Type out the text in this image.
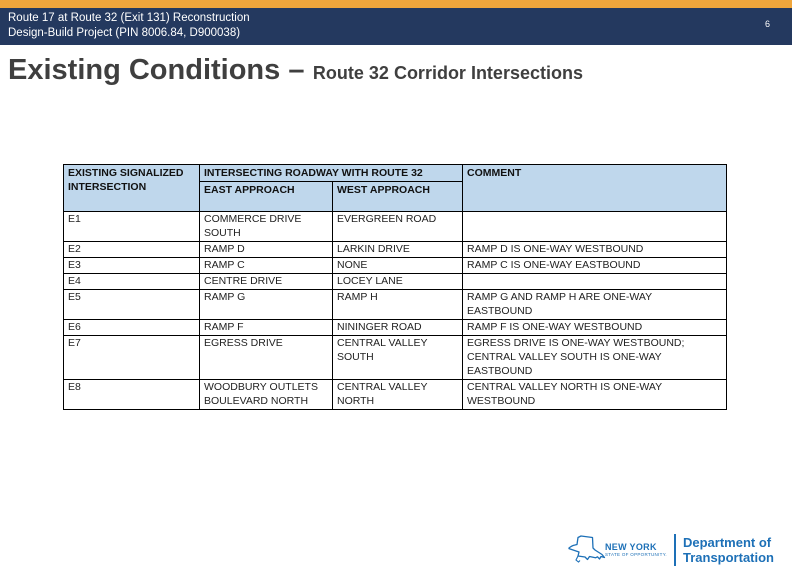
Route 17 at Route 32 (Exit 131) Reconstruction
Design-Build Project (PIN 8006.84, D900038)
6
Existing Conditions – Route 32 Corridor Intersections
EXISTING SIGNALIZED INTERSECTION	INTERSECTING ROADWAY WITH ROUTE 32		COMMENT
	EAST APPROACH	WEST APPROACH	
E1	COMMERCE DRIVE SOUTH	EVERGREEN ROAD	
E2	RAMP D	LARKIN DRIVE	RAMP D IS ONE-WAY WESTBOUND
E3	RAMP C	NONE	RAMP C IS ONE-WAY EASTBOUND
E4	CENTRE DRIVE	LOCEY LANE	
E5	RAMP G	RAMP H	RAMP G AND RAMP H ARE ONE-WAY EASTBOUND
E6	RAMP F	NININGER ROAD	RAMP F IS ONE-WAY WESTBOUND
E7	EGRESS DRIVE	CENTRAL VALLEY SOUTH	EGRESS DRIVE IS ONE-WAY WESTBOUND; CENTRAL VALLEY SOUTH IS ONE-WAY EASTBOUND
E8	WOODBURY OUTLETS BOULEVARD NORTH	CENTRAL VALLEY NORTH	CENTRAL VALLEY NORTH IS ONE-WAY WESTBOUND
NEW YORK
STATE OF OPPORTUNITY.
Department of
Transportation
